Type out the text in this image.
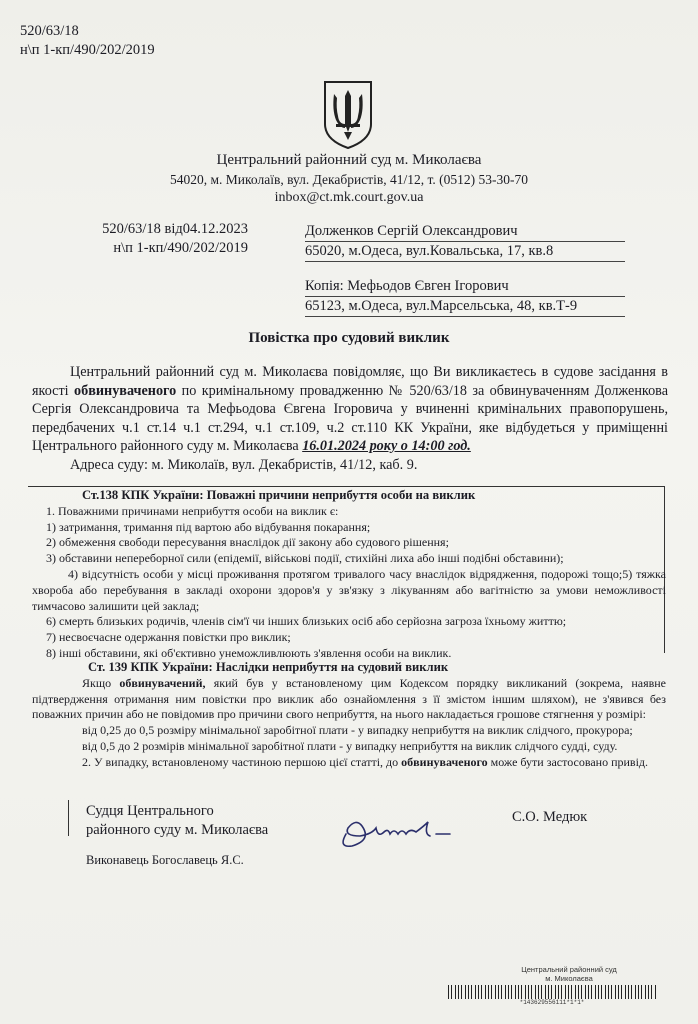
520/63/18
н\п 1-кп/490/202/2019
Центральний районний суд м. Миколаєва
54020, м. Миколаїв, вул. Декабристів, 41/12, т. (0512) 53-30-70
inbox@ct.mk.court.gov.ua
520/63/18 від04.12.2023
н\п 1-кп/490/202/2019
Долженков Сергій Олександрович
65020, м.Одеса, вул.Ковальська, 17, кв.8
Копія: Мефьодов Євген Ігорович
65123, м.Одеса, вул.Марсельська, 48, кв.Т-9
Повістка про судовий виклик

Центральний районний суд м. Миколаєва повідомляє, що Ви викликаєтесь в судове засідання в якості обвинуваченого по кримінальному провадженню № 520/63/18 за обвинуваченням Долженкова Сергія Олександровича та Мефьодова Євгена Ігоровича у вчиненні кримінальних правопорушень, передбачених ч.1 ст.14 ч.1 ст.294, ч.1 ст.109, ч.2 ст.110 КК України, яке відбудеться у приміщенні Центрального районного суду м. Миколаєва 16.01.2024 року о 14:00 год.

Адреса суду: м. Миколаїв, вул. Декабристів, 41/12, каб. 9.

Ст.138 КПК України: Поважні причини неприбуття особи на виклик

1. Поважними причинами неприбуття особи на виклик є:

1) затримання, тримання під вартою або відбування покарання;

2) обмеження свободи пересування внаслідок дії закону або судового рішення;

3) обставини непереборної сили (епідемії, військові події, стихійні лиха або інші подібні обставини);

4) відсутність особи у місці проживання протягом тривалого часу внаслідок відрядження, подорожі тощо;5) тяжка хвороба або перебування в закладі охорони здоров'я у зв'язку з лікуванням або вагітністю за умови неможливості тимчасово залишити цей заклад;

6) смерть близьких родичів, членів сім'ї чи інших близьких осіб або серйозна загроза їхньому життю;

7) несвоєчасне одержання повістки про виклик;

8) інші обставини, які об'єктивно унеможливлюють з'явлення особи на виклик.

Ст. 139 КПК України: Наслідки неприбуття на судовий виклик

Якщо обвинувачений, який був у встановленому цим Кодексом порядку викликаний (зокрема, наявне підтвердження отримання ним повістки про виклик або ознайомлення з її змістом іншим шляхом), не з'явився без поважних причин або не повідомив про причини свого неприбуття, на нього накладається грошове стягнення у розмірі:

від 0,25 до 0,5 розміру мінімальної заробітної плати - у випадку неприбуття на виклик слідчого, прокурора;

від 0,5 до 2 розмірів мінімальної заробітної плати - у випадку неприбуття на виклик слідчого судді, суду.

2. У випадку, встановленому частиною першою цієї статті, до обвинуваченого може бути застосовано привід.

Судця Центрального
районного суду м. Миколаєва
С.О. Медюк
Виконавець Богославець Я.С.
Центральний районний суд
м. Миколаєва
*143629556111*1*1*
